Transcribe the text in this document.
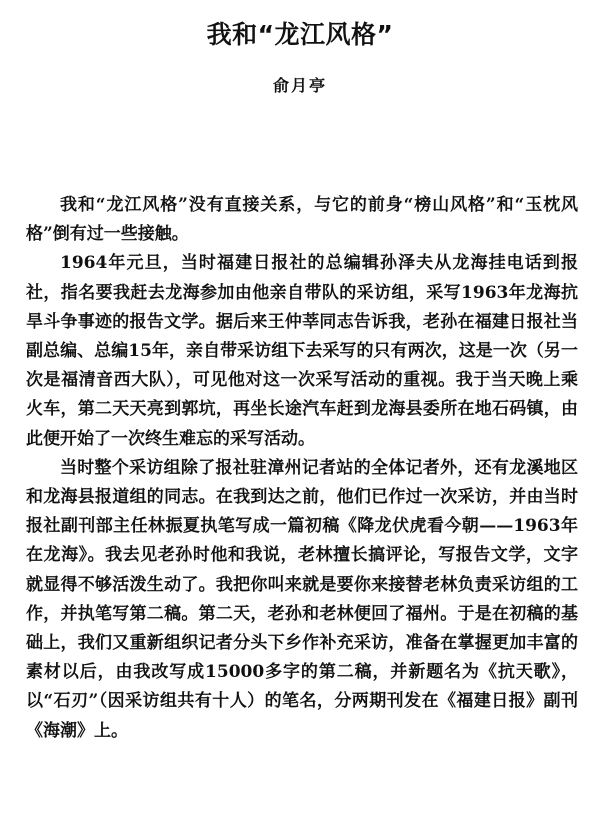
我和“龙江风格”
俞月亭

我和“龙江风格”没有直接关系，与它的前身“榜山风格”和“玉枕风格”倒有过一些接触。

1964年元旦，当时福建日报社的总编辑孙泽夫从龙海挂电话到报社，指名要我赶去龙海参加由他亲自带队的采访组，采写1963年龙海抗旱斗争事迹的报告文学。据后来王仲莘同志告诉我，老孙在福建日报社当副总编、总编15年，亲自带采访组下去采写的只有两次，这是一次（另一次是福清音西大队），可见他对这一次采写活动的重视。我于当天晚上乘火车，第二天天亮到郭坑，再坐长途汽车赶到龙海县委所在地石码镇，由此便开始了一次终生难忘的采写活动。

当时整个采访组除了报社驻漳州记者站的全体记者外，还有龙溪地区和龙海县报道组的同志。在我到达之前，他们已作过一次采访，并由当时报社副刊部主任林振夏执笔写成一篇初稿《降龙伏虎看今朝——1963年在龙海》。我去见老孙时他和我说，老林擅长搞评论，写报告文学，文字就显得不够活泼生动了。我把你叫来就是要你来接替老林负责采访组的工作，并执笔写第二稿。第二天，老孙和老林便回了福州。于是在初稿的基础上，我们又重新组织记者分头下乡作补充采访，准备在掌握更加丰富的素材以后，由我改写成15000多字的第二稿，并新题名为《抗天歌》，以“石刃”（因采访组共有十人）的笔名，分两期刊发在《福建日报》副刊《海潮》上。
